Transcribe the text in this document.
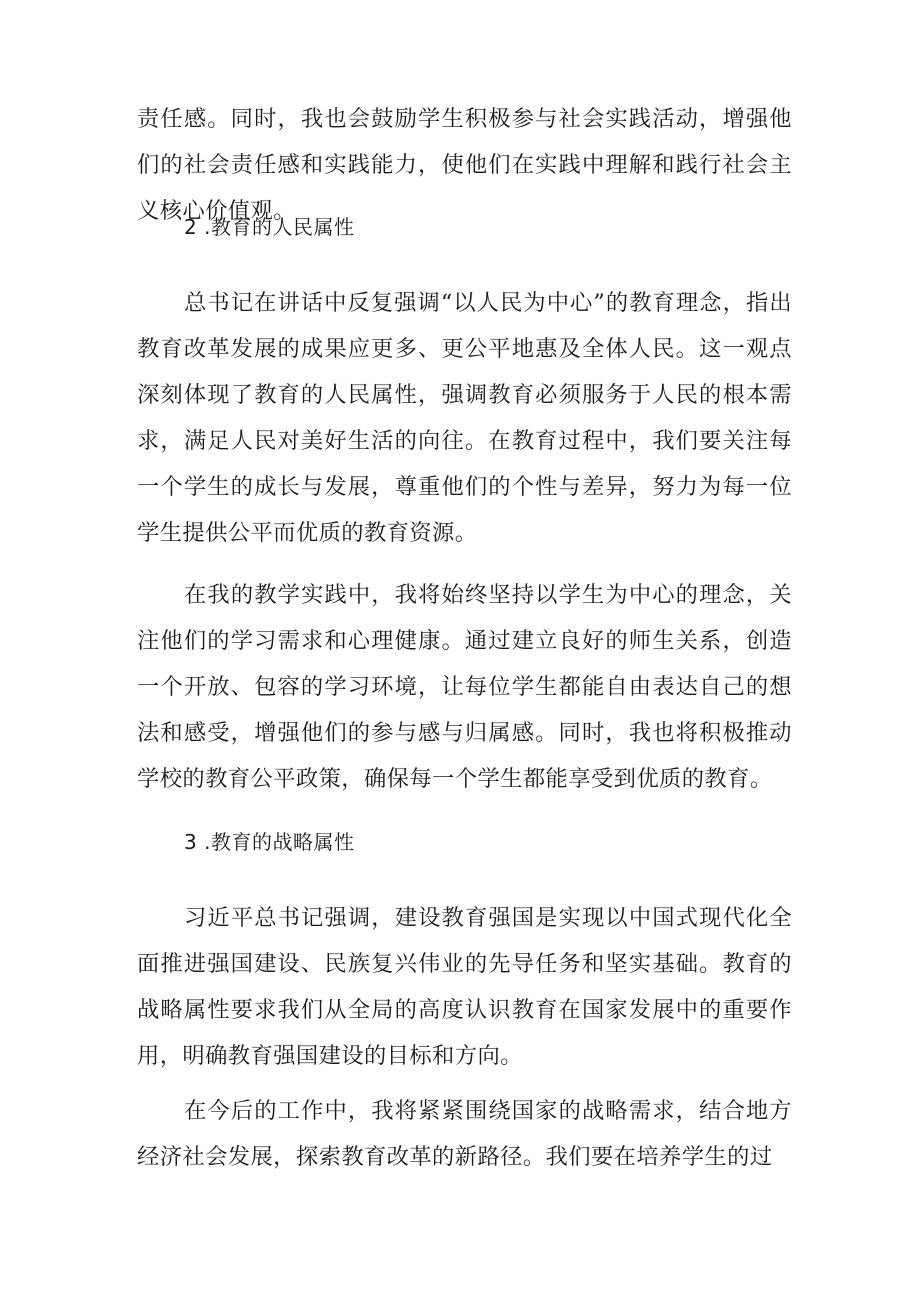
责任感。同时，我也会鼓励学生积极参与社会实践活动，增强他们的社会责任感和实践能力，使他们在实践中理解和践行社会主义核心价值观。

2 .教育的人民属性

总书记在讲话中反复强调“以人民为中心”的教育理念，指出教育改革发展的成果应更多、更公平地惠及全体人民。这一观点深刻体现了教育的人民属性，强调教育必须服务于人民的根本需求，满足人民对美好生活的向往。在教育过程中，我们要关注每一个学生的成长与发展，尊重他们的个性与差异，努力为每一位学生提供公平而优质的教育资源。

在我的教学实践中，我将始终坚持以学生为中心的理念，关注他们的学习需求和心理健康。通过建立良好的师生关系，创造一个开放、包容的学习环境，让每位学生都能自由表达自己的想法和感受，增强他们的参与感与归属感。同时，我也将积极推动学校的教育公平政策，确保每一个学生都能享受到优质的教育。

3 .教育的战略属性

习近平总书记强调，建设教育强国是实现以中国式现代化全面推进强国建设、民族复兴伟业的先导任务和坚实基础。教育的战略属性要求我们从全局的高度认识教育在国家发展中的重要作用，明确教育强国建设的目标和方向。

在今后的工作中，我将紧紧围绕国家的战略需求，结合地方经济社会发展，探索教育改革的新路径。我们要在培养学生的过
